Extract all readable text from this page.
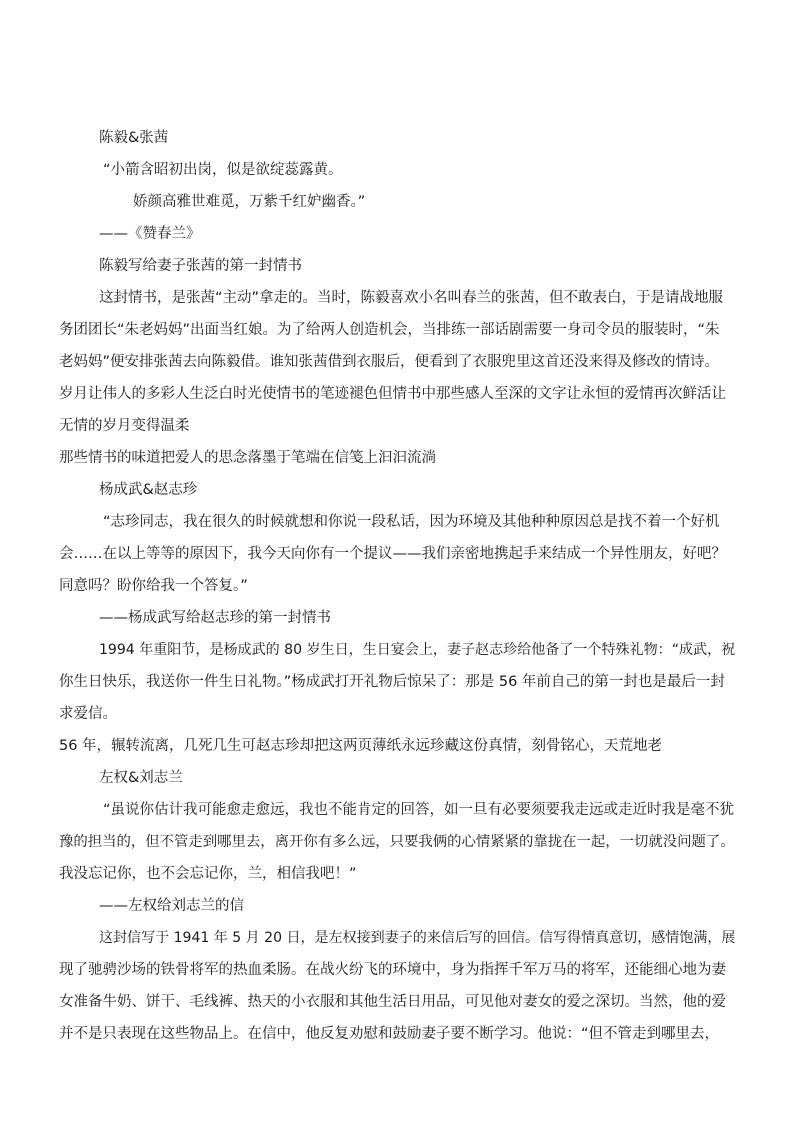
陈毅&张茜
“小箭含昭初出岗，似是欲绽蕊露黄。
娇颜高雅世难觅，万紫千红妒幽香。”
——《赞春兰》
陈毅写给妻子张茜的第一封情书
这封情书，是张茜“主动”拿走的。当时，陈毅喜欢小名叫春兰的张茜，但不敢表白，于是请战地服
务团团长“朱老妈妈”出面当红娘。为了给两人创造机会，当排练一部话剧需要一身司令员的服装时，“朱
老妈妈”便安排张茜去向陈毅借。谁知张茜借到衣服后，便看到了衣服兜里这首还没来得及修改的情诗。
岁月让伟人的多彩人生泛白时光使情书的笔迹褪色但情书中那些感人至深的文字让永恒的爱情再次鲜活让
无情的岁月变得温柔
那些情书的味道把爱人的思念落墨于笔端在信笺上汩汩流淌
杨成武&赵志珍
“志珍同志，我在很久的时候就想和你说一段私话，因为环境及其他种种原因总是找不着一个好机
会……在以上等等的原因下，我今天向你有一个提议——我们亲密地携起手来结成一个异性朋友，好吧？
同意吗？盼你给我一个答复。”
——杨成武写给赵志珍的第一封情书
1994 年重阳节，是杨成武的 80 岁生日，生日宴会上，妻子赵志珍给他备了一个特殊礼物：“成武，祝
你生日快乐，我送你一件生日礼物。”杨成武打开礼物后惊呆了：那是 56 年前自己的第一封也是最后一封
求爱信。
56 年，辗转流离，几死几生可赵志珍却把这两页薄纸永远珍藏这份真情，刻骨铭心，天荒地老
左权&刘志兰
“虽说你估计我可能愈走愈远，我也不能肯定的回答，如一旦有必要须要我走远或走近时我是毫不犹
豫的担当的，但不管走到哪里去，离开你有多么远，只要我俩的心情紧紧的靠拢在一起，一切就没问题了。
我没忘记你，也不会忘记你，兰，相信我吧！”
——左权给刘志兰的信
这封信写于 1941 年 5 月 20 日，是左权接到妻子的来信后写的回信。信写得情真意切，感情饱满，展
现了驰骋沙场的铁骨将军的热血柔肠。在战火纷飞的环境中，身为指挥千军万马的将军，还能细心地为妻
女准备牛奶、饼干、毛线裤、热天的小衣服和其他生活日用品，可见他对妻女的爱之深切。当然，他的爱
并不是只表现在这些物品上。在信中，他反复劝慰和鼓励妻子要不断学习。他说：“但不管走到哪里去，
